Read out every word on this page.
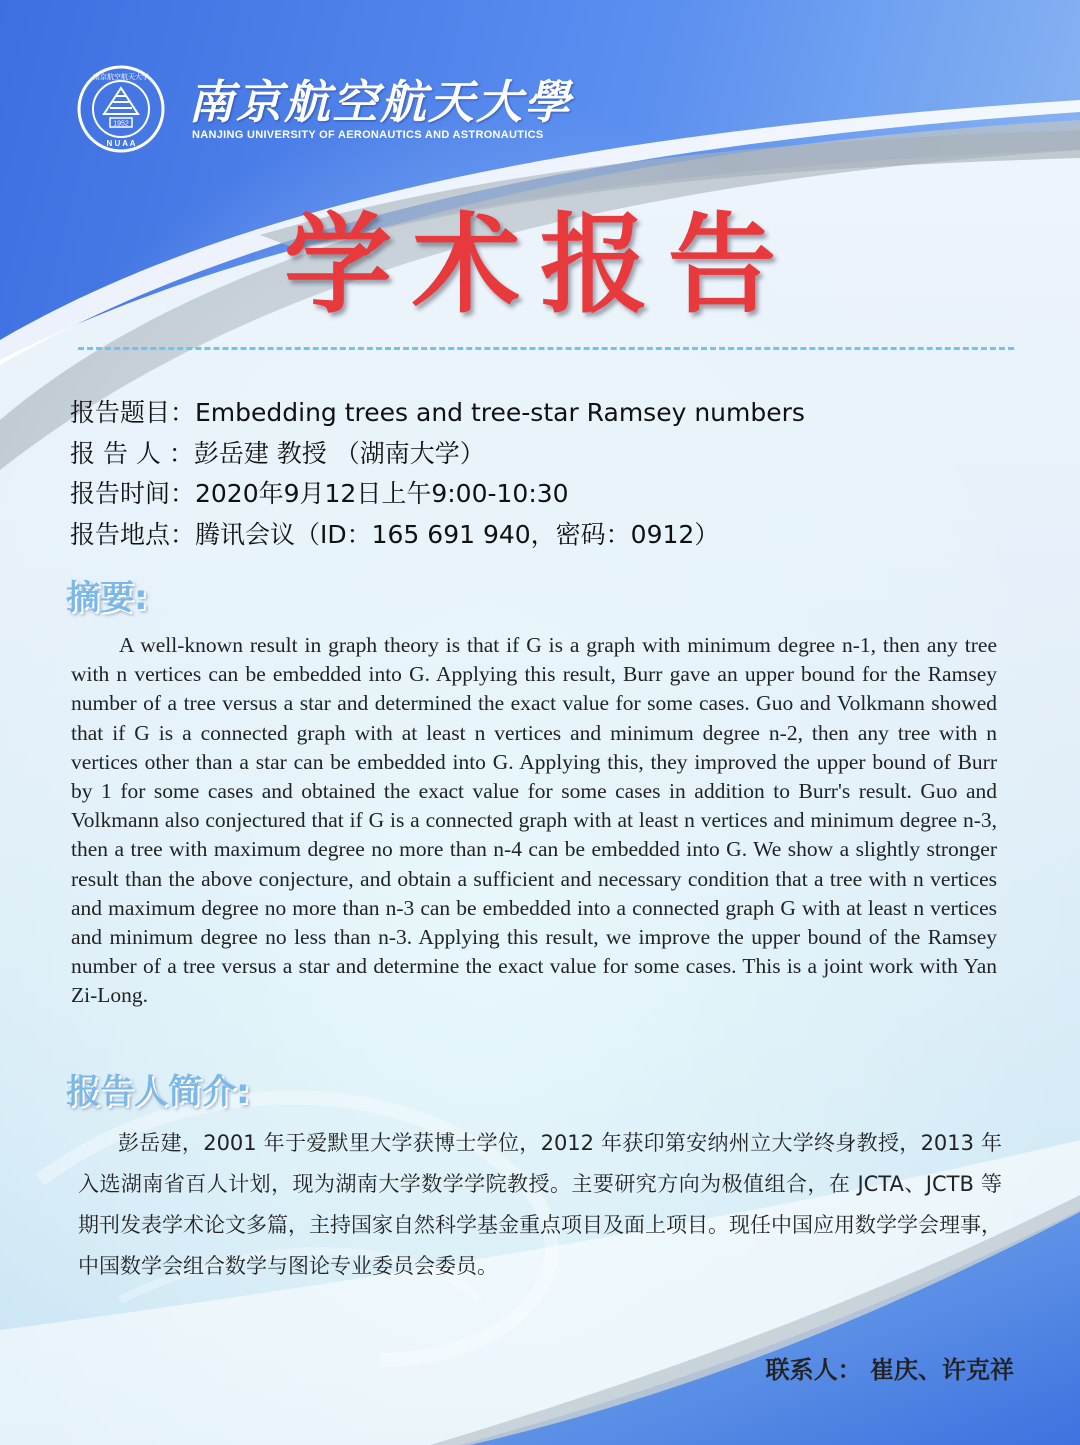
1952
N U A A
南京航空航天大学 南京航空航天大學
NANJING UNIVERSITY OF AERONAUTICS AND ASTRONAUTICS
学术报告
报告题目：Embedding trees and tree-star Ramsey numbers
报 告 人 ：彭岳建 教授 （湖南大学）
报告时间：2020年9月12日上午9:00-10:30
报告地点：腾讯会议（ID：165 691 940，密码：0912）
摘要:

A well-known result in graph theory is that if G is a graph with minimum degree n-1, then any tree with n vertices can be embedded into G. Applying this result, Burr gave an upper bound for the Ramsey number of a tree versus a star and determined the exact value for some cases. Guo and Volkmann showed that if G is a connected graph with at least n vertices and minimum degree n-2, then any tree with n vertices other than a star can be embedded into G. Applying this, they improved the upper bound of Burr by 1 for some cases and obtained the exact value for some cases in addition to Burr's result. Guo and Volkmann also conjectured that if G is a connected graph with at least n vertices and minimum degree n-3, then a tree with maximum degree no more than n-4 can be embedded into G. We show a slightly stronger result than the above conjecture, and obtain a sufficient and necessary condition that a tree with n vertices and maximum degree no more than n-3 can be embedded into a connected graph G with at least n vertices and minimum degree no less than n-3. Applying this result, we improve the upper bound of the Ramsey number of a tree versus a star and determine the exact value for some cases. This is a joint work with Yan Zi-Long.

报告人简介:

彭岳建，2001 年于爱默里大学获博士学位，2012 年获印第安纳州立大学终身教授，2013 年入选湖南省百人计划，现为湖南大学数学学院教授。主要研究方向为极值组合，在 JCTA、JCTB 等期刊发表学术论文多篇，主持国家自然科学基金重点项目及面上项目。现任中国应用数学学会理事，中国数学会组合数学与图论专业委员会委员。

联系人： 崔庆、许克祥
